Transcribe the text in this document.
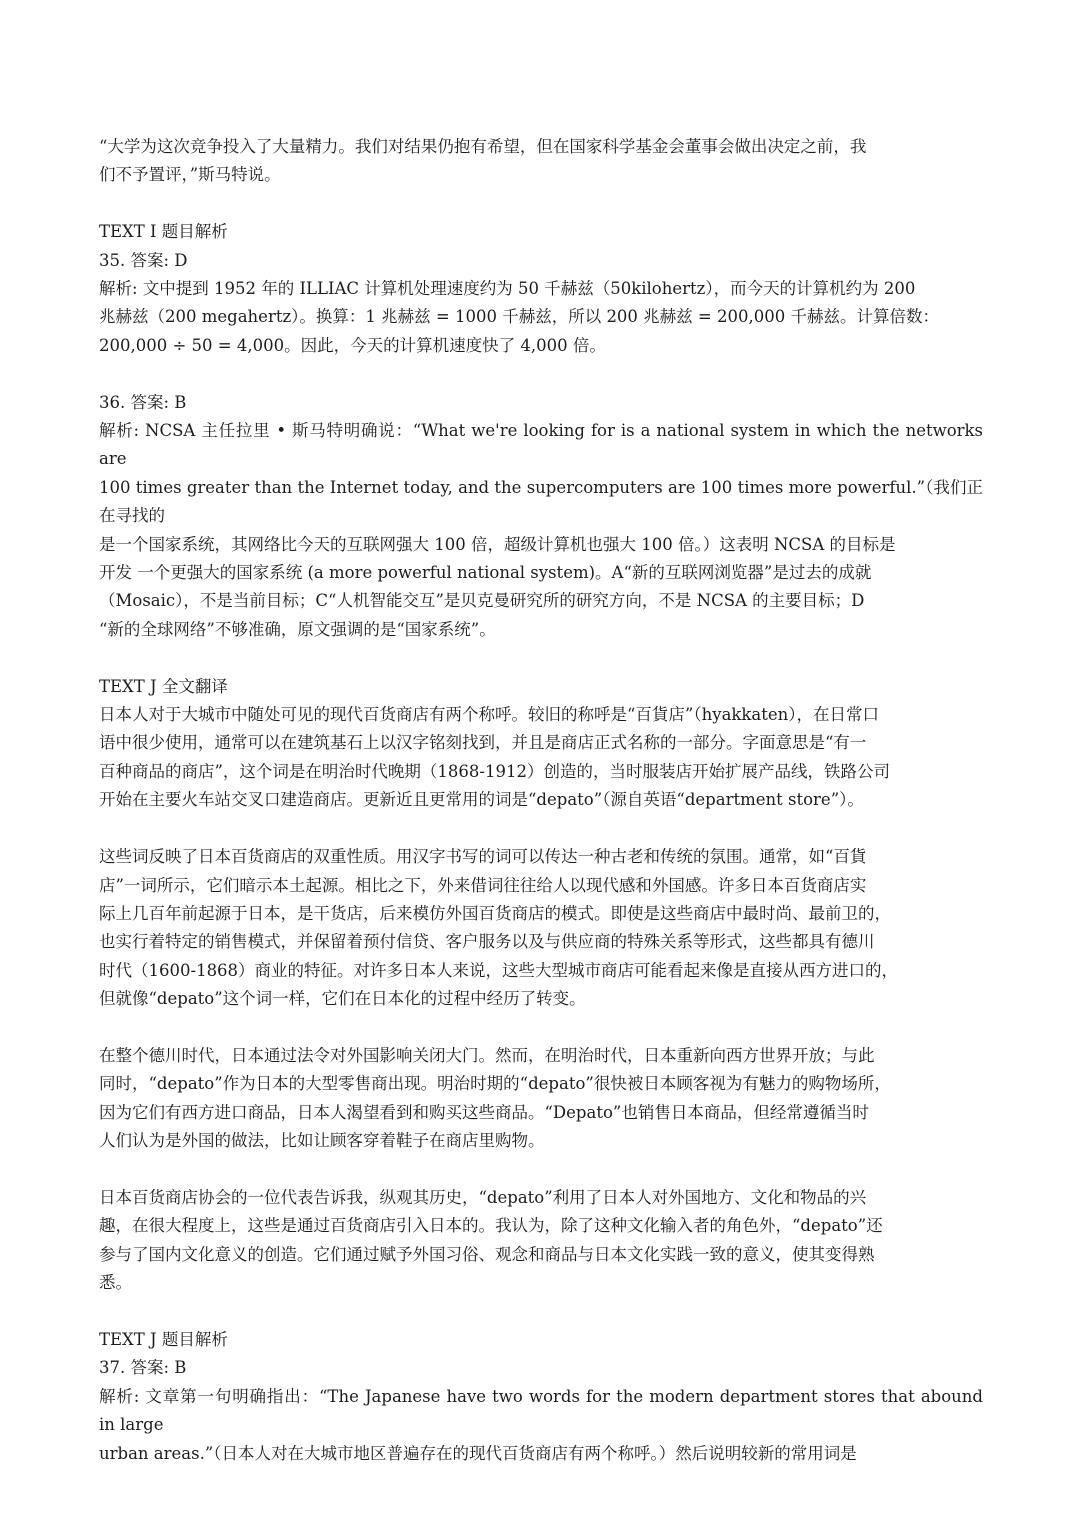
“大学为这次竞争投入了大量精力。我们对结果仍抱有希望，但在国家科学基金会董事会做出决定之前，我
们不予置评，”斯马特说。
TEXT I 题目解析
35. 答案: D
解析: 文中提到 1952 年的 ILLIAC 计算机处理速度约为 50 千赫兹（50kilohertz），而今天的计算机约为 200
兆赫兹（200 megahertz）。换算：1 兆赫兹 = 1000 千赫兹，所以 200 兆赫兹 = 200,000 千赫兹。计算倍数：
200,000 ÷ 50 = 4,000。因此，今天的计算机速度快了 4,000 倍。
36. 答案: B
解析: NCSA 主任拉里 • 斯马特明确说：“What we're looking for is a national system in which the networks are
100 times greater than the Internet today, and the supercomputers are 100 times more powerful.”（我们正在寻找的
是一个国家系统，其网络比今天的互联网强大 100 倍，超级计算机也强大 100 倍。）这表明 NCSA 的目标是
开发 一个更强大的国家系统 (a more powerful national system)。A“新的互联网浏览器”是过去的成就
（Mosaic），不是当前目标；C“人机智能交互”是贝克曼研究所的研究方向，不是 NCSA 的主要目标；D
“新的全球网络”不够准确，原文强调的是“国家系统”。
TEXT J 全文翻译
日本人对于大城市中随处可见的现代百货商店有两个称呼。较旧的称呼是“百貨店”（hyakkaten），在日常口
语中很少使用，通常可以在建筑基石上以汉字铭刻找到，并且是商店正式名称的一部分。字面意思是“有一
百种商品的商店”，这个词是在明治时代晚期（1868-1912）创造的，当时服装店开始扩展产品线，铁路公司
开始在主要火车站交叉口建造商店。更新近且更常用的词是“depato”（源自英语“department store”）。
这些词反映了日本百货商店的双重性质。用汉字书写的词可以传达一种古老和传统的氛围。通常，如“百貨
店”一词所示，它们暗示本土起源。相比之下，外来借词往往给人以现代感和外国感。许多日本百货商店实
际上几百年前起源于日本，是干货店，后来模仿外国百货商店的模式。即使是这些商店中最时尚、最前卫的，
也实行着特定的销售模式，并保留着预付信贷、客户服务以及与供应商的特殊关系等形式，这些都具有德川
时代（1600-1868）商业的特征。对许多日本人来说，这些大型城市商店可能看起来像是直接从西方进口的，
但就像“depato”这个词一样，它们在日本化的过程中经历了转变。
在整个德川时代，日本通过法令对外国影响关闭大门。然而，在明治时代，日本重新向西方世界开放；与此
同时，“depato”作为日本的大型零售商出现。明治时期的“depato”很快被日本顾客视为有魅力的购物场所，
因为它们有西方进口商品，日本人渴望看到和购买这些商品。“Depato”也销售日本商品，但经常遵循当时
人们认为是外国的做法，比如让顾客穿着鞋子在商店里购物。
日本百货商店协会的一位代表告诉我，纵观其历史，“depato”利用了日本人对外国地方、文化和物品的兴
趣，在很大程度上，这些是通过百货商店引入日本的。我认为，除了这种文化输入者的角色外，“depato”还
参与了国内文化意义的创造。它们通过赋予外国习俗、观念和商品与日本文化实践一致的意义，使其变得熟
悉。
TEXT J 题目解析
37. 答案: B
解析: 文章第一句明确指出：“The Japanese have two words for the modern department stores that abound in large
urban areas.”（日本人对在大城市地区普遍存在的现代百货商店有两个称呼。）然后说明较新的常用词是
